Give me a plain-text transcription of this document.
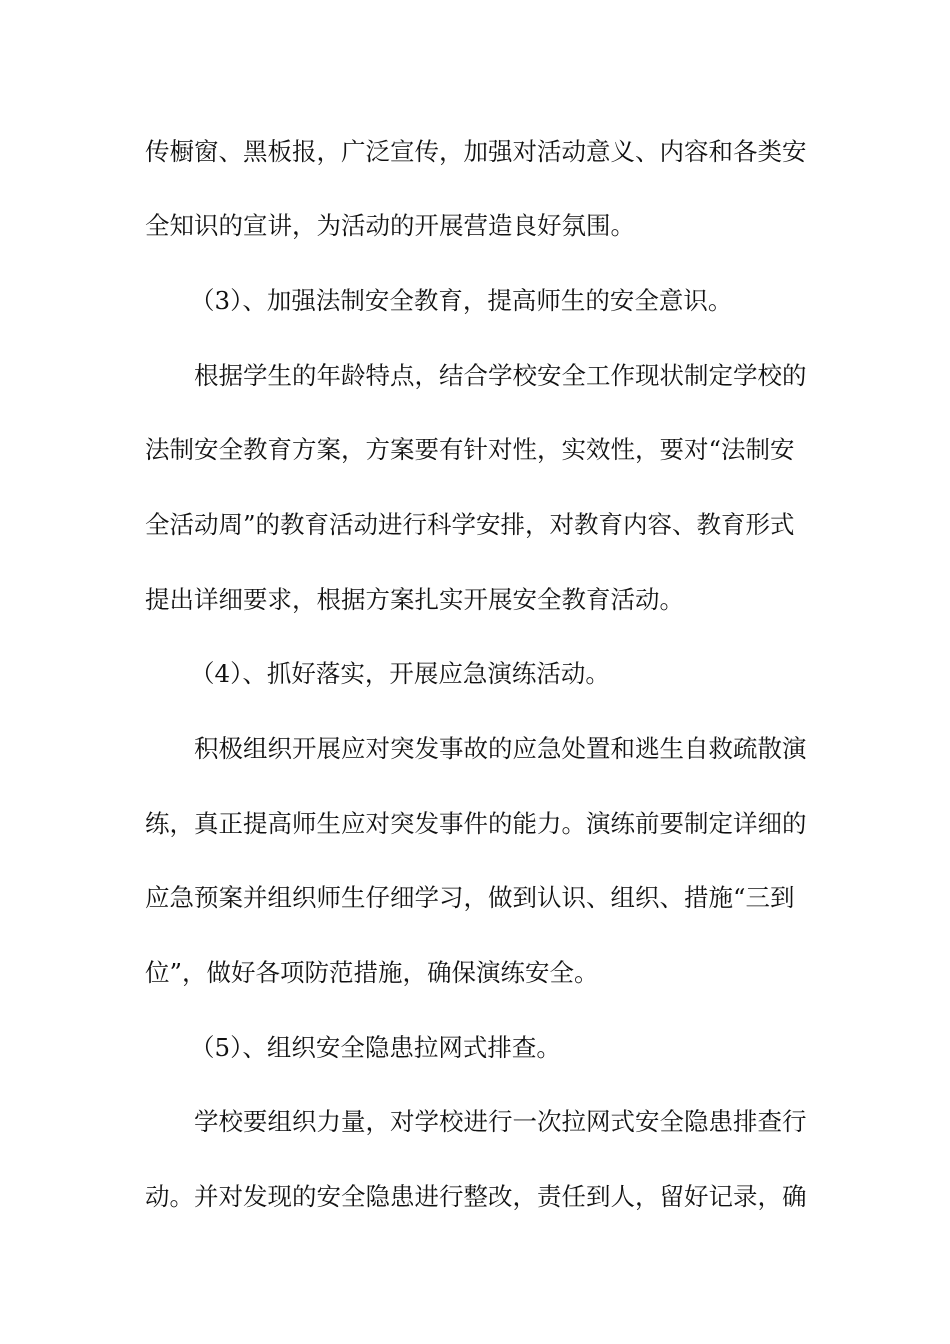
传橱窗、黑板报，广泛宣传，加强对活动意义、内容和各类安
全知识的宣讲，为活动的开展营造良好氛围。
（3）、加强法制安全教育，提高师生的安全意识。
根据学生的年龄特点，结合学校安全工作现状制定学校的
法制安全教育方案，方案要有针对性，实效性，要对“法制安
全活动周”的教育活动进行科学安排，对教育内容、教育形式
提出详细要求，根据方案扎实开展安全教育活动。
（4）、抓好落实，开展应急演练活动。
积极组织开展应对突发事故的应急处置和逃生自救疏散演
练，真正提高师生应对突发事件的能力。演练前要制定详细的
应急预案并组织师生仔细学习，做到认识、组织、措施“三到
位”，做好各项防范措施，确保演练安全。
（5）、组织安全隐患拉网式排查。
学校要组织力量，对学校进行一次拉网式安全隐患排查行
动。并对发现的安全隐患进行整改，责任到人，留好记录，确
